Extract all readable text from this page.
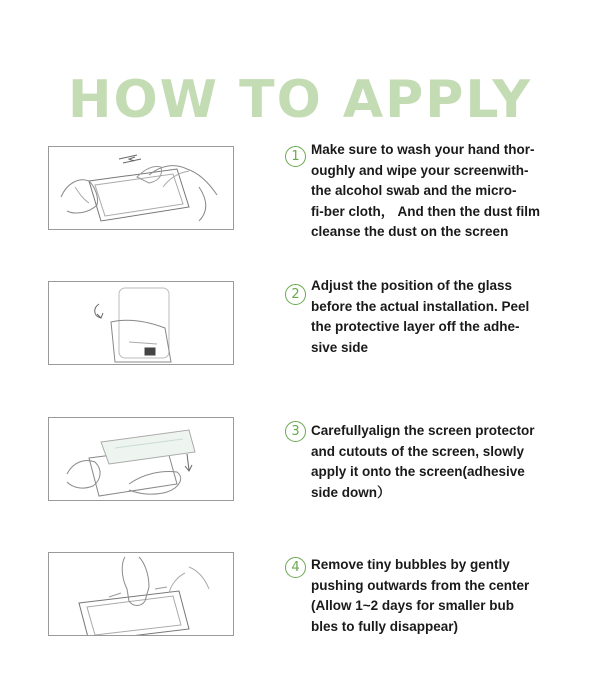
HOW TO APPLY
1 Make sure to wash your hand thor-
oughly and wipe your screenwith-
the alcohol swab and the micro-
fi-ber cloth， And then the dust film
cleanse the dust on the screen
2
Adjust the position of the glass
before the actual installation. Peel
the protective layer off the adhe-
sive side
3 Carefullyalign the screen protector
and cutouts of the screen, slowly
apply it onto the screen(adhesive
side down）
4 Remove tiny bubbles by gently
pushing outwards from the center
(Allow 1~2 days for smaller bub
bles to fully disappear)
